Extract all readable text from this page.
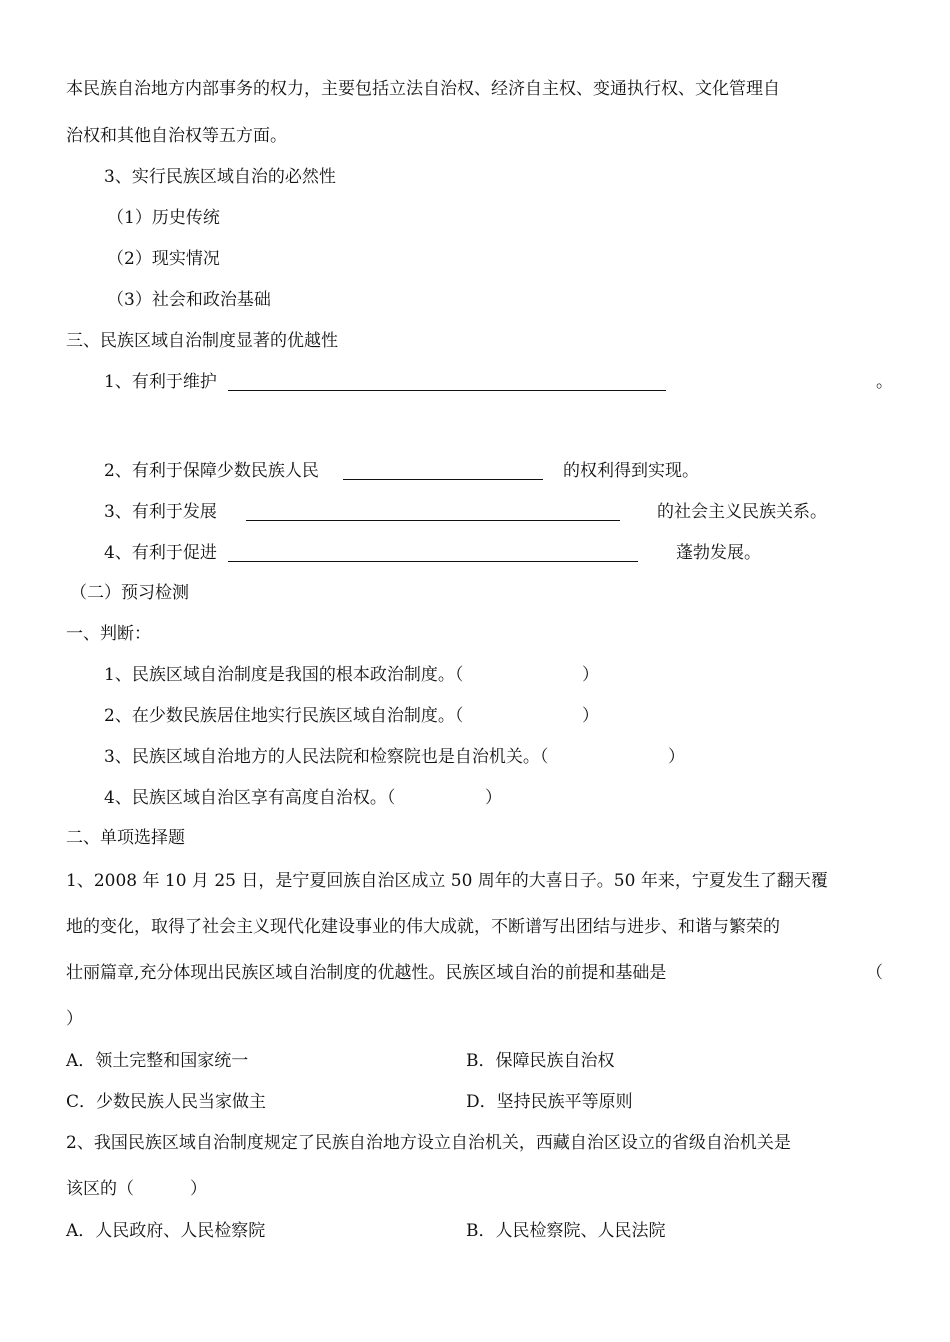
本民族自治地方内部事务的权力，主要包括立法自治权、经济自主权、变通执行权、文化管理自
治权和其他自治权等五方面。
3、实行民族区域自治的必然性
（1）历史传统
（2）现实情况
（3）社会和政治基础
三、民族区域自治制度显著的优越性
1、有利于维护	。
2、有利于保障少数民族人民	的权利得到实现。
3、有利于发展	的社会主义民族关系。
4、有利于促进	蓬勃发展。
（二）预习检测
一、判断：
1、民族区域自治制度是我国的根本政治制度。（	）
2、在少数民族居住地实行民族区域自治制度。（	）
3、民族区域自治地方的人民法院和检察院也是自治机关。（	）
4、民族区域自治区享有高度自治权。（	）
二、单项选择题
1、2008 年 10 月 25 日，是宁夏回族自治区成立 50 周年的大喜日子。50 年来，宁夏发生了翻天覆
地的变化，取得了社会主义现代化建设事业的伟大成就，不断谱写出团结与进步、和谐与繁荣的
壮丽篇章,充分体现出民族区域自治制度的优越性。民族区域自治的前提和基础是	（
）
A．领土完整和国家统一	B．保障民族自治权
C．少数民族人民当家做主	D．坚持民族平等原则
2、我国民族区域自治制度规定了民族自治地方设立自治机关，西藏自治区设立的省级自治机关是
该区的（	）
A．人民政府、人民检察院	B．人民检察院、人民法院
